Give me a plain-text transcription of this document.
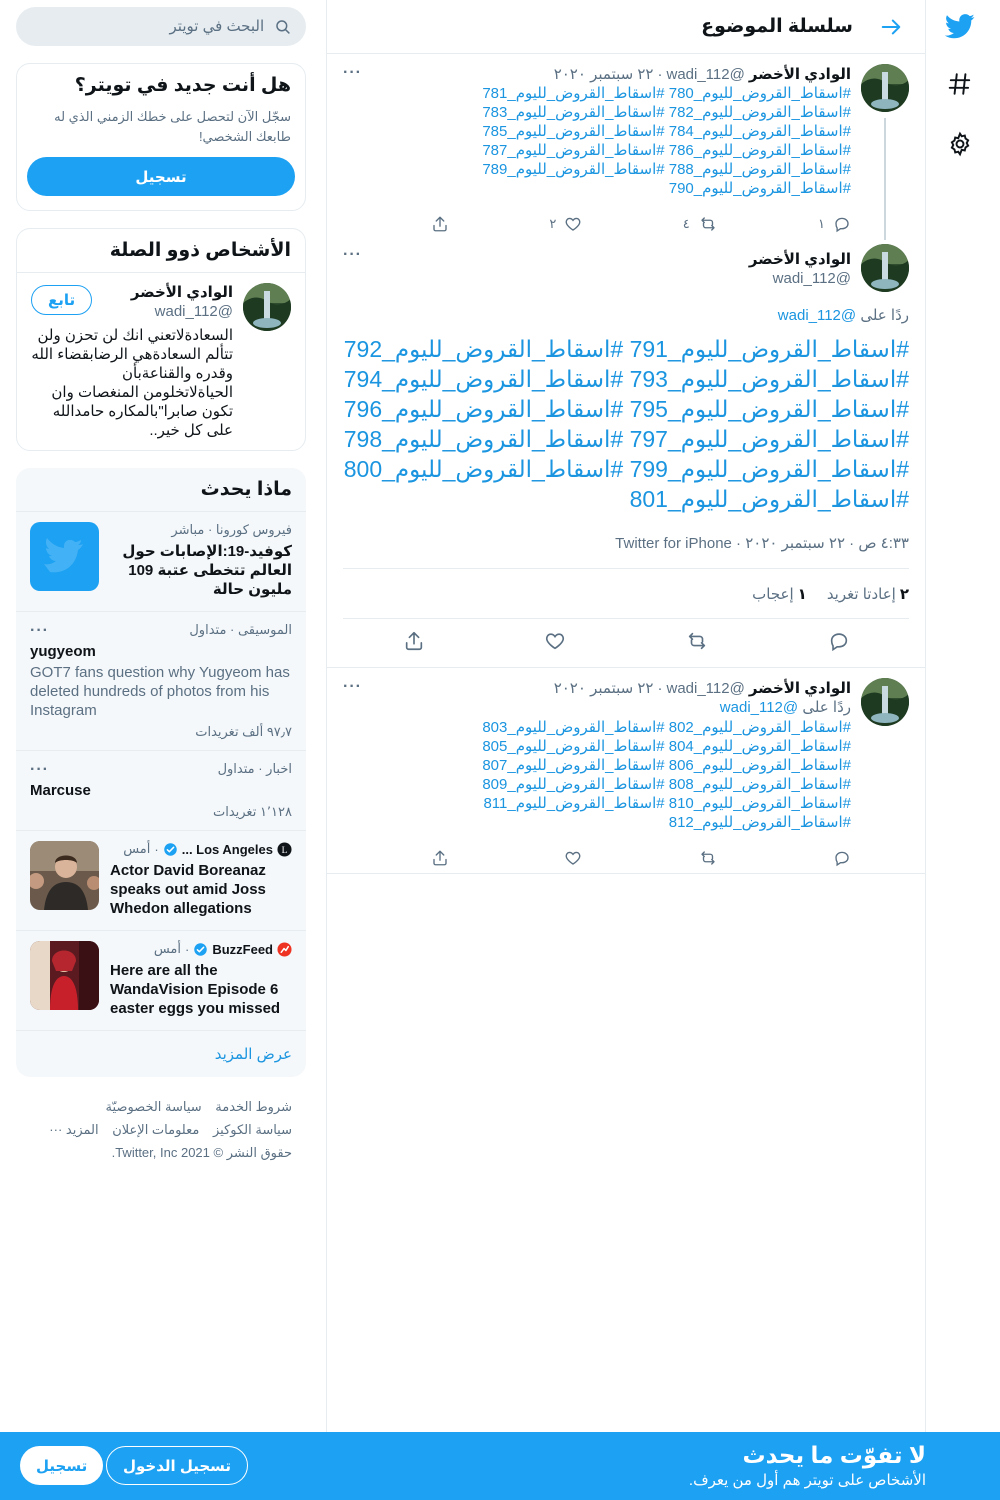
سلسلة الموضوع
الوادي الأخضر
@wadi_112
·
٢٢ سبتمبر ٢٠٢٠
···
#اسقاط_القروض_لليوم_780 #اسقاط_القروض_لليوم_781 #اسقاط_القروض_لليوم_782 #اسقاط_القروض_لليوم_783 #اسقاط_القروض_لليوم_784 #اسقاط_القروض_لليوم_785 #اسقاط_القروض_لليوم_786 #اسقاط_القروض_لليوم_787 #اسقاط_القروض_لليوم_788 #اسقاط_القروض_لليوم_789 #اسقاط_القروض_لليوم_790
١
٤
٢
الوادي الأخضر
@wadi_112
···
ردًا على @wadi_112
#اسقاط_القروض_لليوم_791 #اسقاط_القروض_لليوم_792 #اسقاط_القروض_لليوم_793 #اسقاط_القروض_لليوم_794 #اسقاط_القروض_لليوم_795 #اسقاط_القروض_لليوم_796 #اسقاط_القروض_لليوم_797 #اسقاط_القروض_لليوم_798 #اسقاط_القروض_لليوم_799 #اسقاط_القروض_لليوم_800 #اسقاط_القروض_لليوم_801
٤:٣٣ ص · ٢٢ سبتمبر ٢٠٢٠ · Twitter for iPhone
٢إعادتا تغريد
١إعجاب
الوادي الأخضر
@wadi_112
·
٢٢ سبتمبر ٢٠٢٠
···
ردًا على @wadi_112
#اسقاط_القروض_لليوم_802 #اسقاط_القروض_لليوم_803 #اسقاط_القروض_لليوم_804 #اسقاط_القروض_لليوم_805 #اسقاط_القروض_لليوم_806 #اسقاط_القروض_لليوم_807 #اسقاط_القروض_لليوم_808 #اسقاط_القروض_لليوم_809 #اسقاط_القروض_لليوم_810 #اسقاط_القروض_لليوم_811 #اسقاط_القروض_لليوم_812
البحث في تويتر
هل أنت جديد في تويتر؟

سجّل الآن لتحصل على خطك الزمني الذي له طابعك الشخصي!

تسجيل
الأشخاص ذوو الصلة
الوادي الأخضر
@wadi_112
السعادةلاتعني انك لن تحزن ولن تتألم السعادةهي الرضابقضاء الله وقدره والقناعةبأن الحياةلاتخلومن المنغصات وان تكون صابرا"بالمكاره حامدالله على كل خير..
تابع
ماذا يحدث
فيروس كورونا · مباشر
كوفيد-19:الإصابات حول العالم تتخطى عتبة 109 مليون حالة
···	الموسيقى · متداول
yugyeom
GOT7 fans question why Yugyeom has deleted hundreds of photos from his Instagram
٩٧٫٧ ألف تغريدات
···	اخبار · متداول
Marcuse
١٬١٢٨ تغريدات
L
Los Angeles ...
·
أمس
Actor David Boreanaz speaks out amid Joss Whedon allegations
BuzzFeed
·
أمس
Here are all the WandaVision Episode 6 easter eggs you missed
عرض المزيد
شروط الخدمة سياسة الخصوصيّة
سياسة الكوكيز معلومات الإعلان المزيد ···
حقوق النشر © 2021 Twitter, Inc.
لا تفوّت ما يحدث
الأشخاص على تويتر هم أول من يعرف.
تسجيل الدخول
تسجيل
